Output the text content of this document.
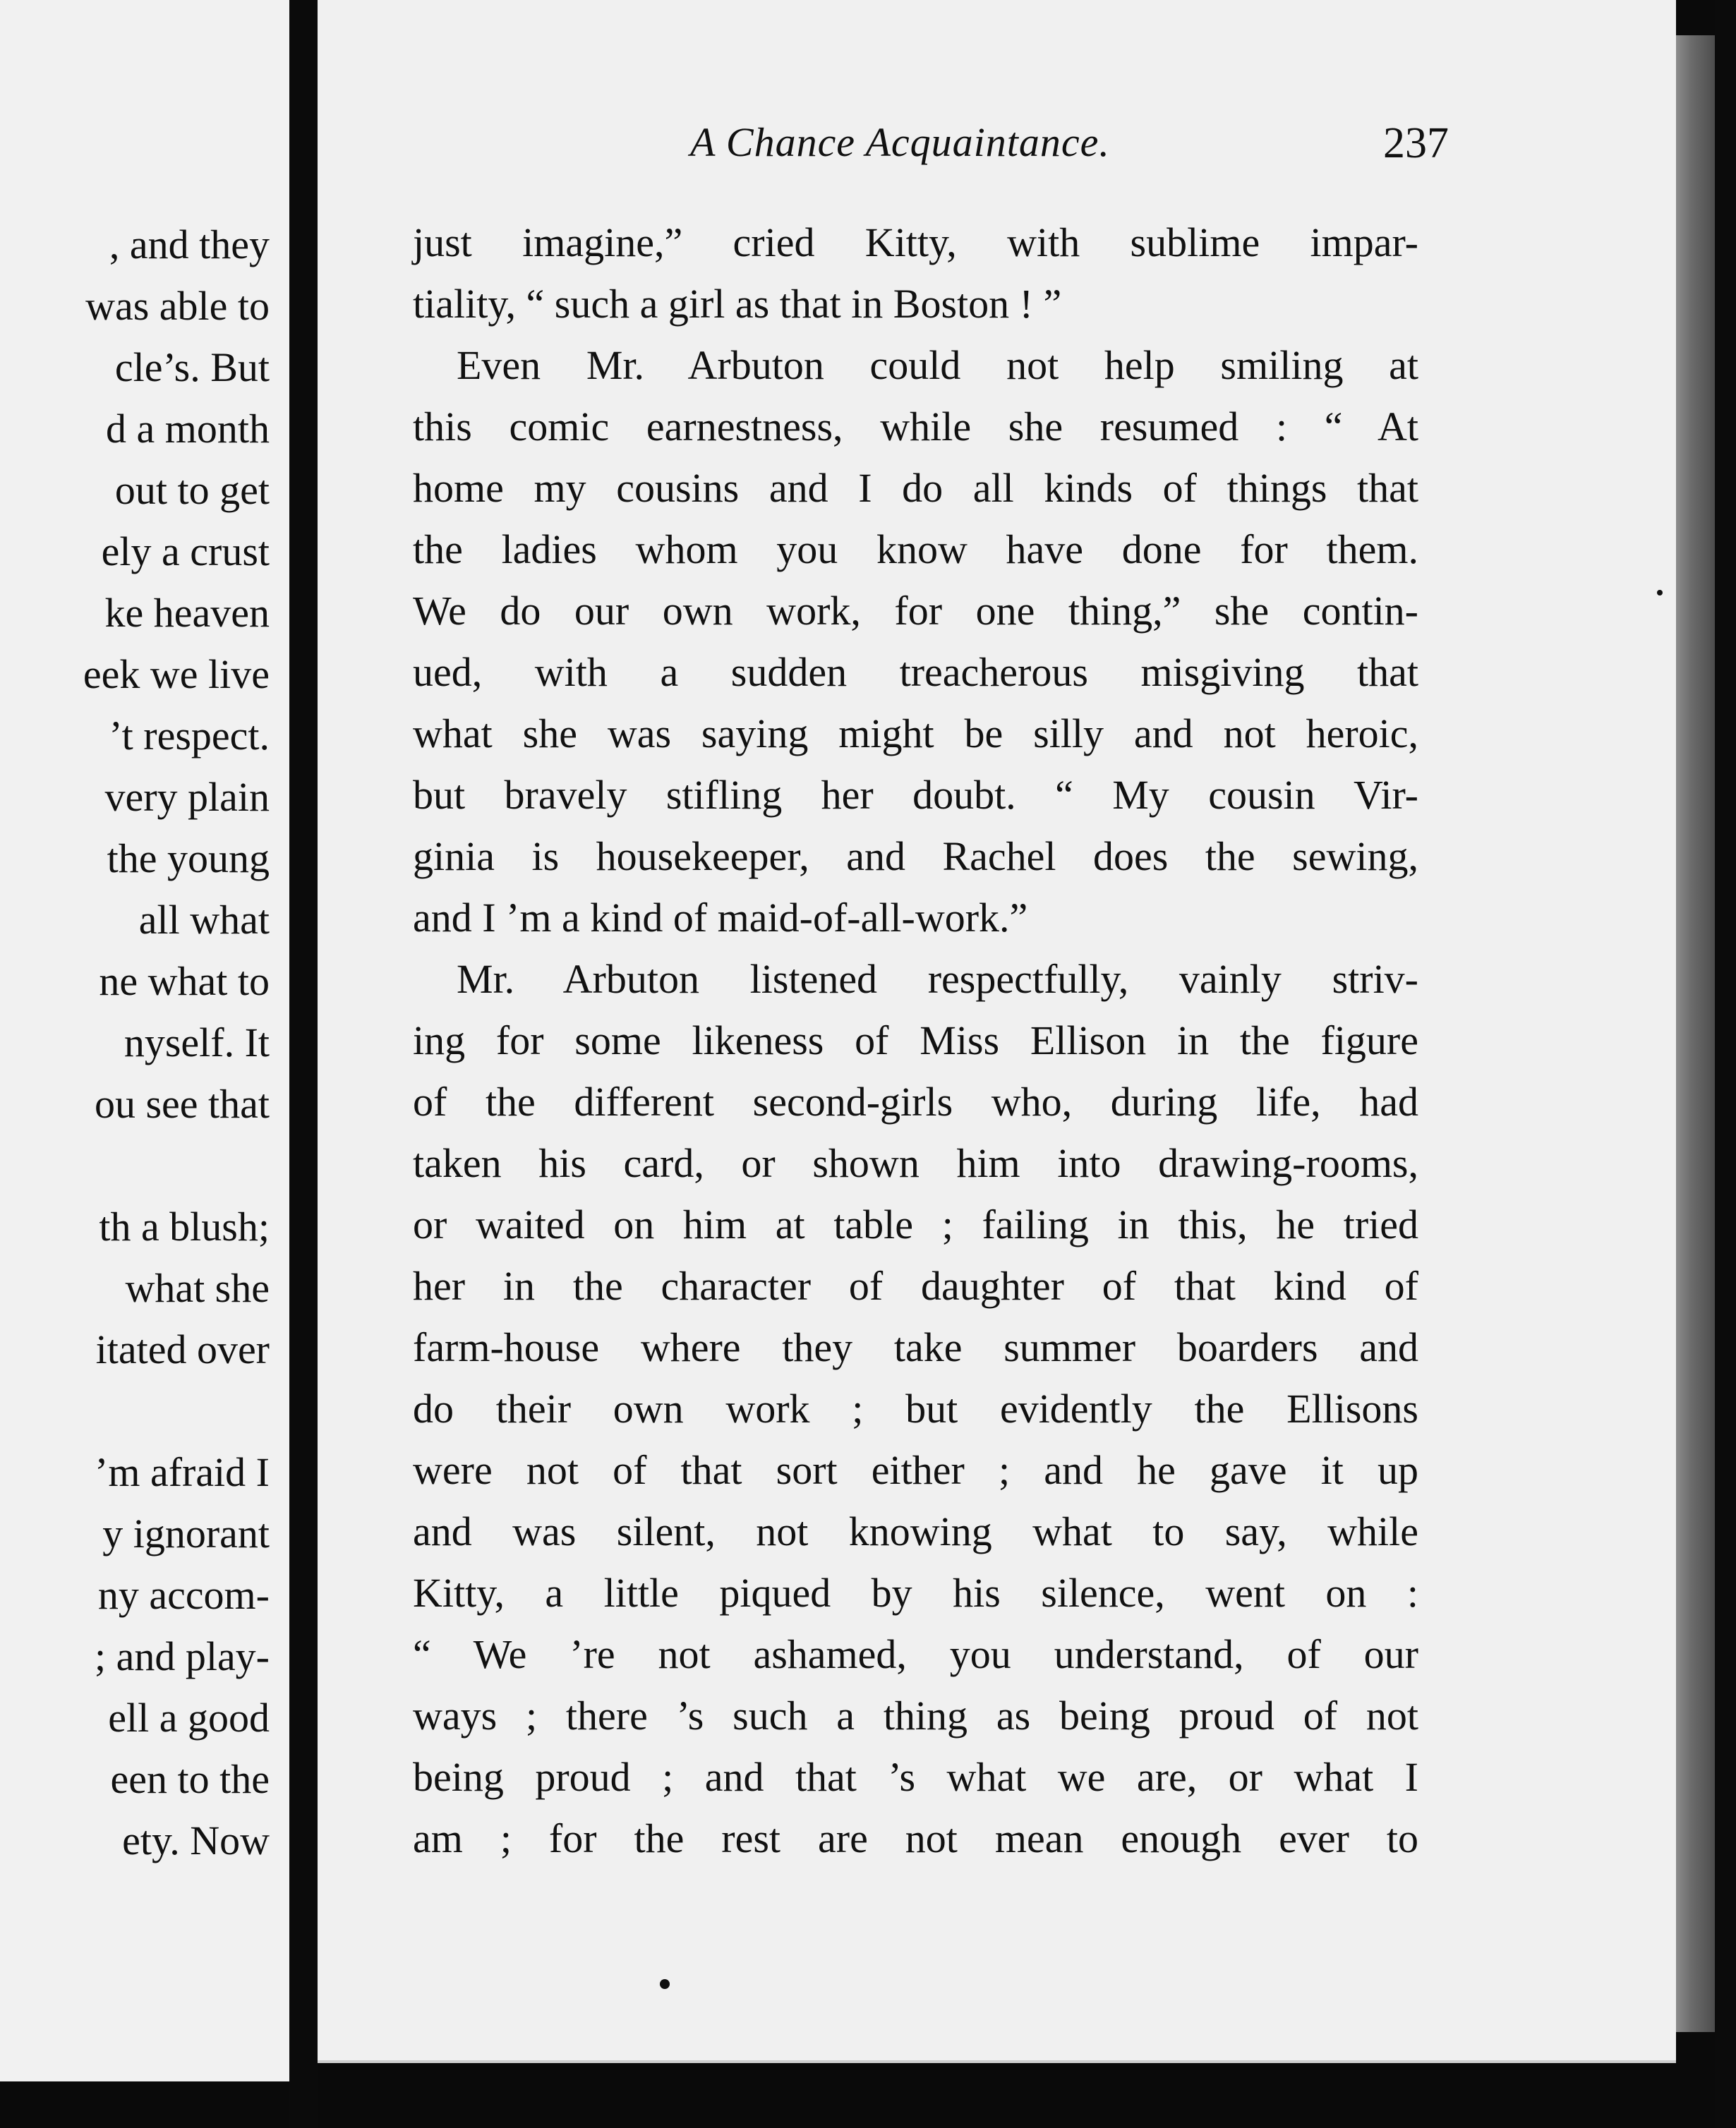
, and they
was able to
cle’s. But
d a month
out to get
ely a crust
ke heaven
eek we live
’t respect.
very plain
the young
all what
ne what to
nyself. It
ou see that
th a blush;
what she
itated over
’m afraid I
y ignorant
ny accom-
; and play-
ell a good
een to the
ety. Now
A Chance Acquaintance.	237
just imagine,” cried Kitty, with sublime impar-
tiality, “ such a girl as that in Boston ! ”
Even Mr. Arbuton could not help smiling at
this comic earnestness, while she resumed : “ At
home my cousins and I do all kinds of things that
the ladies whom you know have done for them.
We do our own work, for one thing,” she contin-
ued, with a sudden treacherous misgiving that
what she was saying might be silly and not heroic,
but bravely stifling her doubt. “ My cousin Vir-
ginia is housekeeper, and Rachel does the sewing,
and I ’m a kind of maid-of-all-work.”
Mr. Arbuton listened respectfully, vainly striv-
ing for some likeness of Miss Ellison in the figure
of the different second-girls who, during life, had
taken his card, or shown him into drawing-rooms,
or waited on him at table ; failing in this, he tried
her in the character of daughter of that kind of
farm-house where they take summer boarders and
do their own work ; but evidently the Ellisons
were not of that sort either ; and he gave it up
and was silent, not knowing what to say, while
Kitty, a little piqued by his silence, went on :
“ We ’re not ashamed, you understand, of our
ways ; there ’s such a thing as being proud of not
being proud ; and that ’s what we are, or what I
am ; for the rest are not mean enough ever to
